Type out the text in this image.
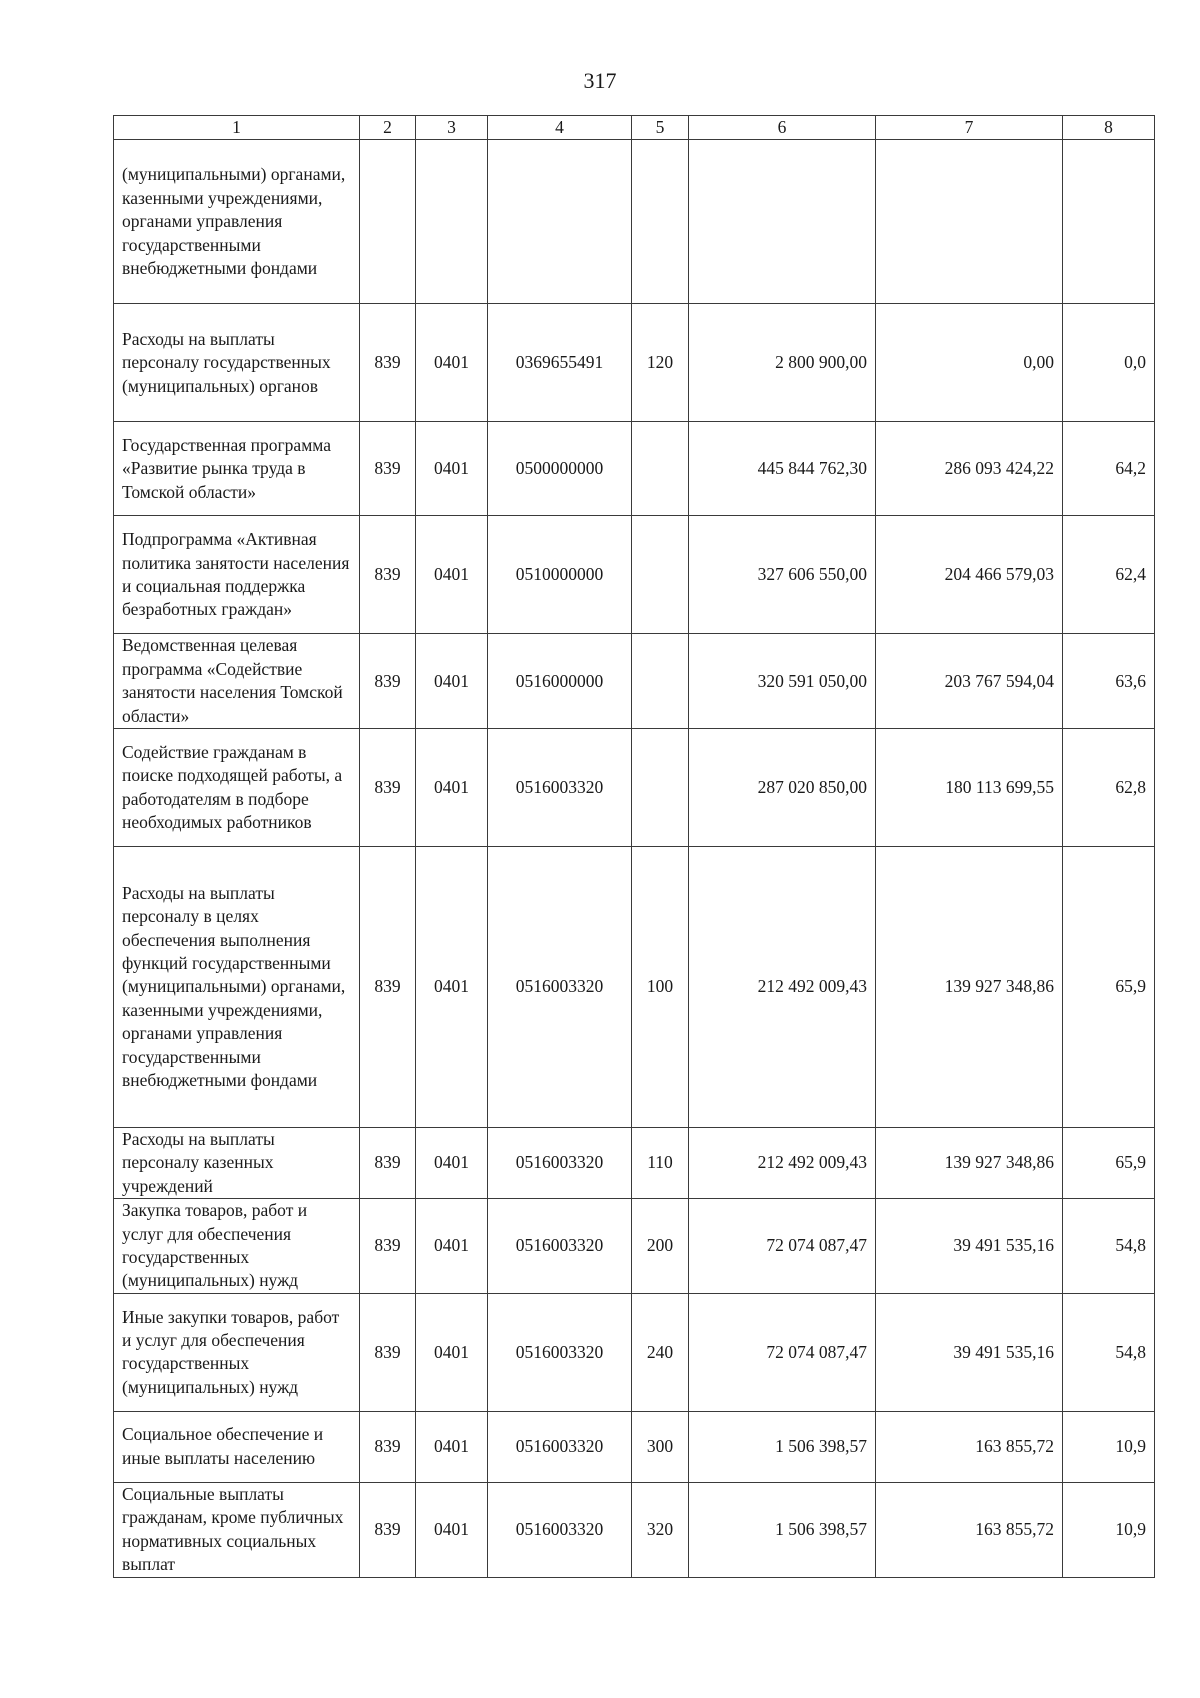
317
1	2	3	4	5	6	7	8
(муниципальными) органами, казенными учреждениями, органами управления государственными внебюджетными фондами							
Расходы на выплаты персоналу государственных (муниципальных) органов	839	0401	0369655491	120	2 800 900,00	0,00	0,0
Государственная программа «Развитие рынка труда в Томской области»	839	0401	0500000000		445 844 762,30	286 093 424,22	64,2
Подпрограмма «Активная политика занятости населения и социальная поддержка безработных граждан»	839	0401	0510000000		327 606 550,00	204 466 579,03	62,4
Ведомственная целевая программа «Содействие занятости населения Томской области»	839	0401	0516000000		320 591 050,00	203 767 594,04	63,6
Содействие гражданам в поиске подходящей работы, а работодателям в подборе необходимых работников	839	0401	0516003320		287 020 850,00	180 113 699,55	62,8
Расходы на выплаты персоналу в целях обеспечения выполнения функций государственными (муниципальными) органами, казенными учреждениями, органами управления государственными внебюджетными фондами	839	0401	0516003320	100	212 492 009,43	139 927 348,86	65,9
Расходы на выплаты персоналу казенных учреждений	839	0401	0516003320	110	212 492 009,43	139 927 348,86	65,9
Закупка товаров, работ и услуг для обеспечения государственных (муниципальных) нужд	839	0401	0516003320	200	72 074 087,47	39 491 535,16	54,8
Иные закупки товаров, работ и услуг для обеспечения государственных (муниципальных) нужд	839	0401	0516003320	240	72 074 087,47	39 491 535,16	54,8
Социальное обеспечение и иные выплаты населению	839	0401	0516003320	300	1 506 398,57	163 855,72	10,9
Социальные выплаты гражданам, кроме публичных нормативных социальных выплат	839	0401	0516003320	320	1 506 398,57	163 855,72	10,9
